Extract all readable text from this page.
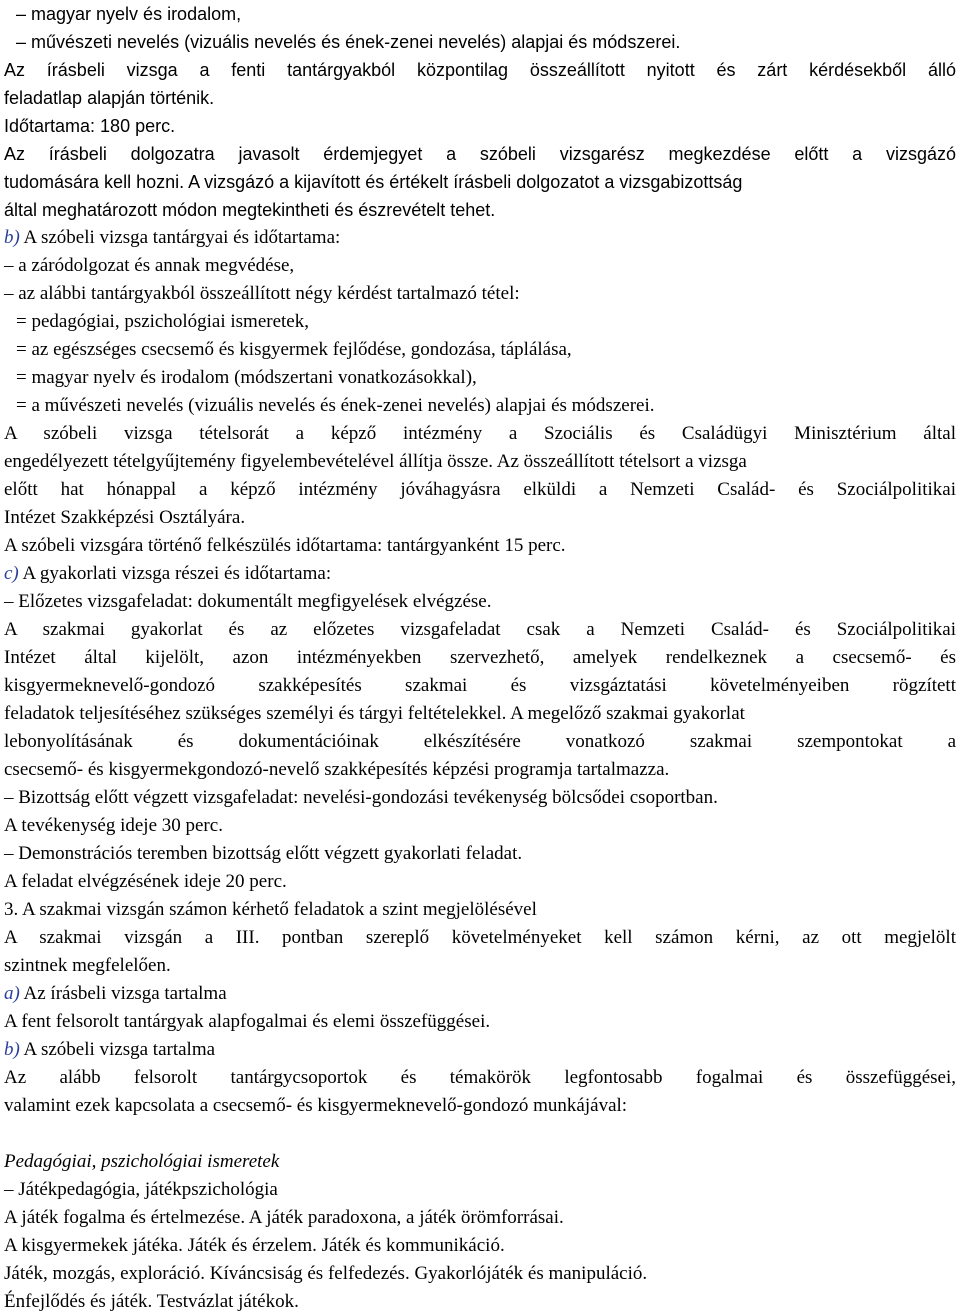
– magyar nyelv és irodalom,
– művészeti nevelés (vizuális nevelés és ének-zenei nevelés) alapjai és módszerei.
Az írásbeli vizsga a fenti tantárgyakból központilag összeállított nyitott és zárt kérdésekből álló
feladatlap alapján történik.
Időtartama: 180 perc.
Az írásbeli dolgozatra javasolt érdemjegyet a szóbeli vizsgarész megkezdése előtt a vizsgázó
tudomására kell hozni. A vizsgázó a kijavított és értékelt írásbeli dolgozatot a vizsgabizottság
által meghatározott módon megtekintheti és észrevételt tehet.
b) A szóbeli vizsga tantárgyai és időtartama:
– a záródolgozat és annak megvédése,
– az alábbi tantárgyakból összeállított négy kérdést tartalmazó tétel:
= pedagógiai, pszichológiai ismeretek,
= az egészséges csecsemő és kisgyermek fejlődése, gondozása, táplálása,
= magyar nyelv és irodalom (módszertani vonatkozásokkal),
= a művészeti nevelés (vizuális nevelés és ének-zenei nevelés) alapjai és módszerei.
A szóbeli vizsga tételsorát a képző intézmény a Szociális és Családügyi Minisztérium által
engedélyezett tételgyűjtemény figyelembevételével állítja össze. Az összeállított tételsort a vizsga
előtt hat hónappal a képző intézmény jóváhagyásra elküldi a Nemzeti Család- és Szociálpolitikai
Intézet Szakképzési Osztályára.
A szóbeli vizsgára történő felkészülés időtartama: tantárgyanként 15 perc.
c) A gyakorlati vizsga részei és időtartama:
– Előzetes vizsgafeladat: dokumentált megfigyelések elvégzése.
A szakmai gyakorlat és az előzetes vizsgafeladat csak a Nemzeti Család- és Szociálpolitikai
Intézet által kijelölt, azon intézményekben szervezhető, amelyek rendelkeznek a csecsemő- és
kisgyermeknevelő-gondozó szakképesítés szakmai és vizsgáztatási követelményeiben rögzített
feladatok teljesítéséhez szükséges személyi és tárgyi feltételekkel. A megelőző szakmai gyakorlat
lebonyolításának és dokumentációinak elkészítésére vonatkozó szakmai szempontokat a
csecsemő- és kisgyermekgondozó-nevelő szakképesítés képzési programja tartalmazza.
– Bizottság előtt végzett vizsgafeladat: nevelési-gondozási tevékenység bölcsődei csoportban.
A tevékenység ideje 30 perc.
– Demonstrációs teremben bizottság előtt végzett gyakorlati feladat.
A feladat elvégzésének ideje 20 perc.
3. A szakmai vizsgán számon kérhető feladatok a szint megjelölésével
A szakmai vizsgán a III. pontban szereplő követelményeket kell számon kérni, az ott megjelölt
szintnek megfelelően.
a) Az írásbeli vizsga tartalma
A fent felsorolt tantárgyak alapfogalmai és elemi összefüggései.
b) A szóbeli vizsga tartalma
Az alább felsorolt tantárgycsoportok és témakörök legfontosabb fogalmai és összefüggései,
valamint ezek kapcsolata a csecsemő- és kisgyermeknevelő-gondozó munkájával:
Pedagógiai, pszichológiai ismeretek
– Játékpedagógia, játékpszichológia
A játék fogalma és értelmezése. A játék paradoxona, a játék örömforrásai.
A kisgyermekek játéka. Játék és érzelem. Játék és kommunikáció.
Játék, mozgás, exploráció. Kíváncsiság és felfedezés. Gyakorlójáték és manipuláció.
Énfejlődés és játék. Testvázlat játékok.
